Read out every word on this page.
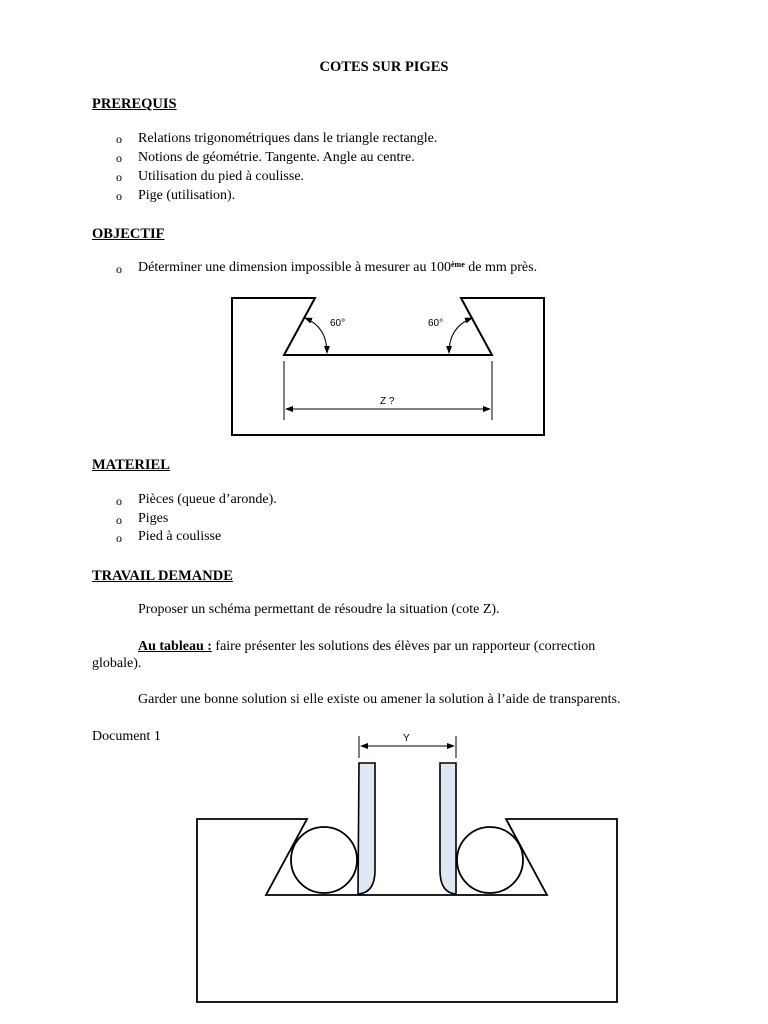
COTES SUR PIGES
PREREQUIS
o Relations trigonométriques dans le triangle rectangle.
o Notions de géométrie. Tangente. Angle au centre.
o Utilisation du pied à coulisse.
o Pige (utilisation).
OBJECTIF
o Déterminer une dimension impossible à mesurer au 100ème de mm près.
60°	60°
Z ?
MATERIEL
o Pièces (queue d’aronde).
o Piges
o Pied à coulisse
TRAVAIL DEMANDE
Proposer un schéma permettant de résoudre la situation (cote Z).
Au tableau : faire présenter les solutions des élèves par un rapporteur (correction
globale).
Garder une bonne solution si elle existe ou amener la solution à l’aide de transparents.
Document 1	Y
